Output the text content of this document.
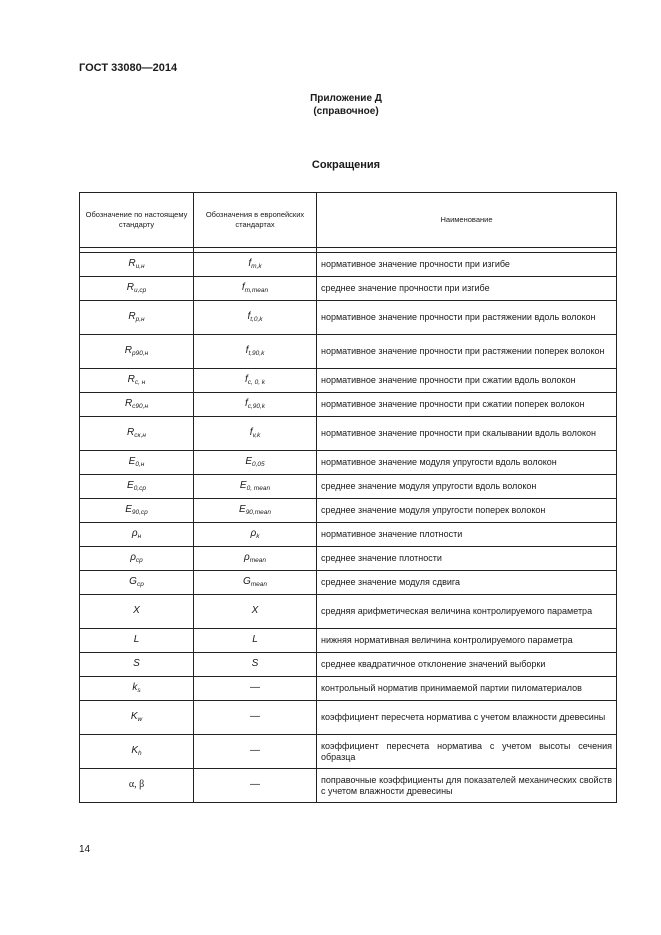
ГОСТ 33080—2014
Приложение Д
(справочное)
Сокращения
Обозначение по настоящему стандарту	Обозначения в европейских стандартах	Наименование

$R_{u,н}$	$f_{m,k}$	нормативное значение прочности при изгибе
$R_{u,ср}$	$f_{m,mean}$	среднее значение прочности при изгибе
$R_{р,н}$	$f_{t,0,k}$	нормативное значение прочности при растяжении вдоль волокон
$R_{р90,н}$	$f_{t,90,k}$	нормативное значение прочности при растяжении поперек волокон
$R_{с, н}$	$f_{с, 0, k}$	нормативное значение прочности при сжатии вдоль волокон
$R_{с90,н}$	$f_{с,90,k}$	нормативное значение прочности при сжатии поперек волокон
$R_{ск,н}$	$f_{v,k}$	нормативное значение прочности при скалывании вдоль волокон
$E_{0,н}$	$E_{0,05}$	нормативное значение модуля упругости вдоль волокон
$E_{0,ср}$	$E_{0, mean}$	среднее значение модуля упругости вдоль волокон
$E_{90,ср}$	$E_{90,mean}$	среднее значение модуля упругости поперек волокон
$\rho_н$	$\rho_k$	нормативное значение плотности
$\rho_{ср}$	$\rho_{mean}$	среднее значение плотности
$G_{ср}$	$G_{mean}$	среднее значение модуля сдвига
X	X	средняя арифметическая величина контролируемого параметра
L	L	нижняя нормативная величина контролируемого параметра
S	S	среднее квадратичное отклонение значений выборки
$k_s$	—	контрольный норматив принимаемой партии пиломатериалов
$K_w$	—	коэффициент пересчета норматива с учетом влажности древесины
$K_h$	—	коэффициент пересчета норматива с учетом высоты сечения образца
α, β	—	поправочные коэффициенты для показателей механических свойств с учетом влажности древесины
14
